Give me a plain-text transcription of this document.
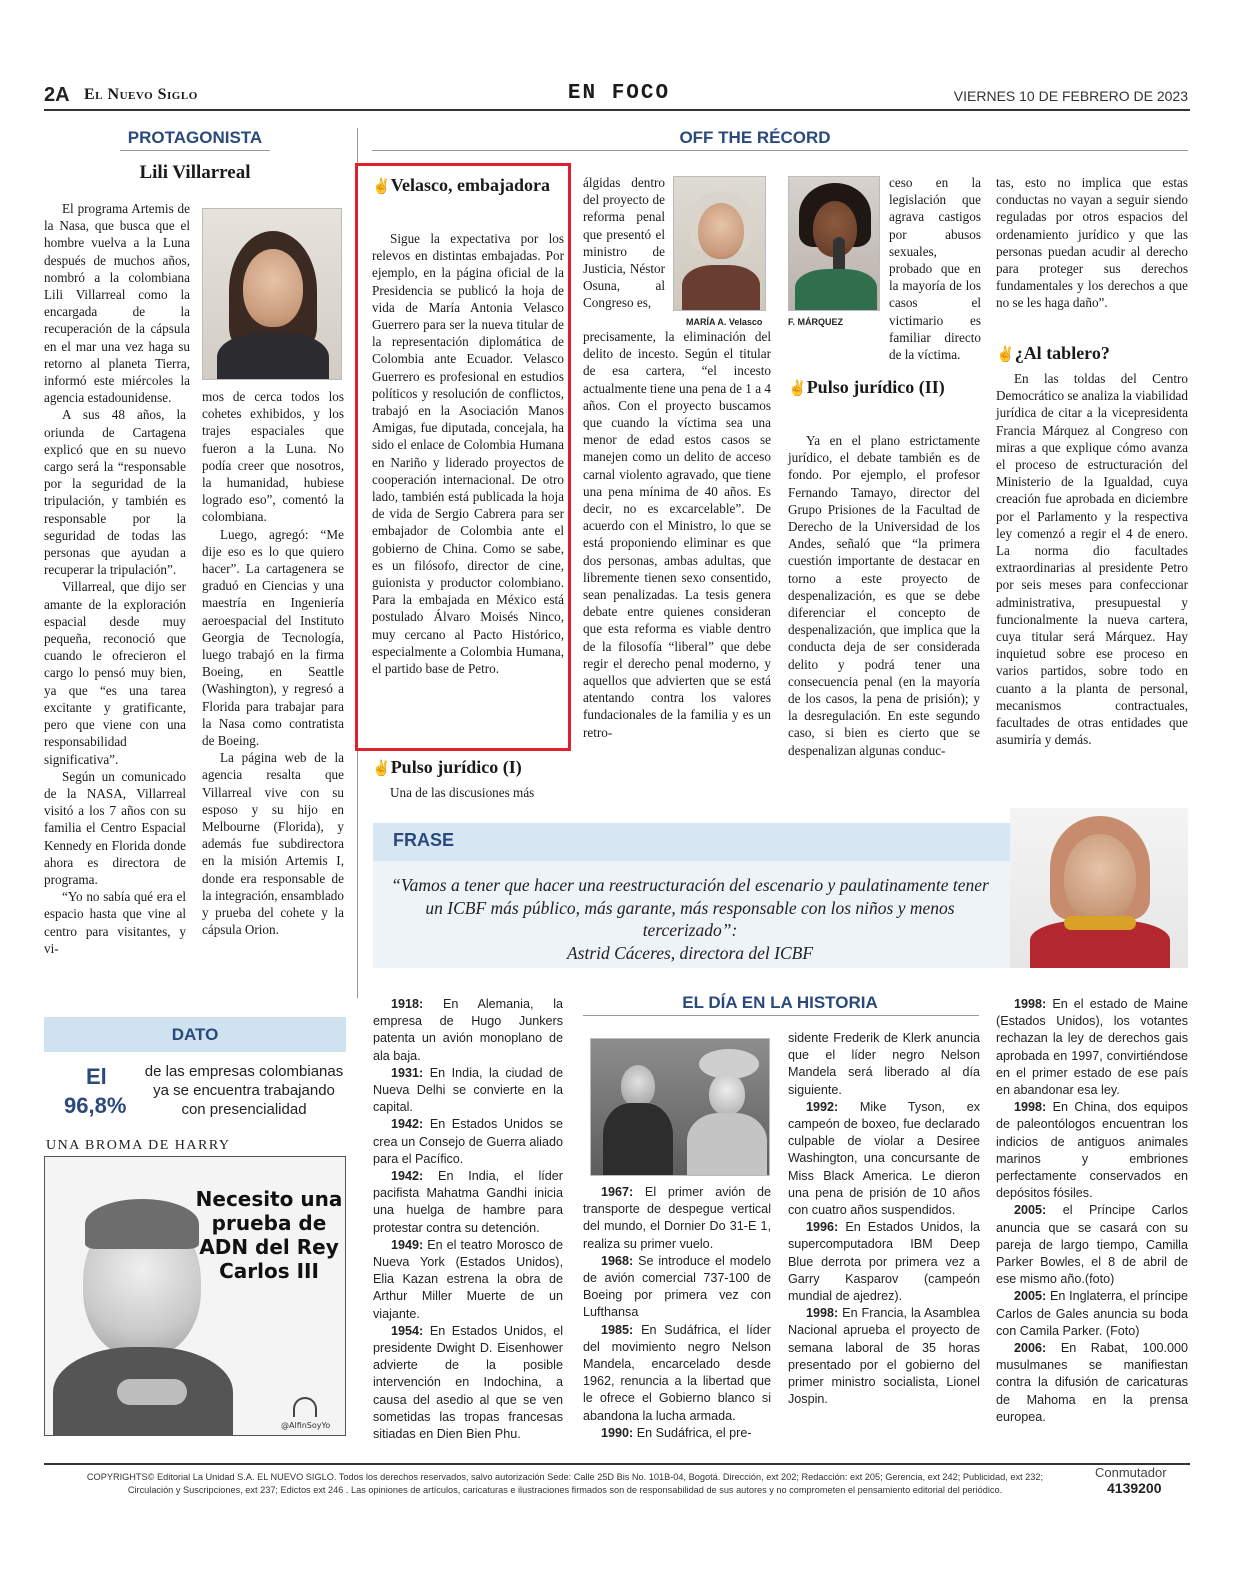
2A El Nuevo Siglo	EN FOCO	VIERNES 10 DE FEBRERO DE 2023
PROTAGONISTA
Lili Villarreal

El programa Artemis de la Nasa, que busca que el hombre vuelva a la Luna después de muchos años, nombró a la colombiana Lili Villarreal como la encargada de la recuperación de la cápsula en el mar una vez haga su retorno al planeta Tierra, informó este miércoles la agencia estadounidense.

A sus 48 años, la oriunda de Cartagena explicó que en su nuevo cargo será la “responsable por la seguridad de la tripulación, y también es responsable por la seguridad de todas las personas que ayudan a recuperar la tripulación”.

Villarreal, que dijo ser amante de la exploración espacial desde muy pequeña, reconoció que cuando le ofrecieron el cargo lo pensó muy bien, ya que “es una tarea excitante y gratificante, pero que viene con una responsabilidad significativa”.

Según un comunicado de la NASA, Villarreal visitó a los 7 años con su familia el Centro Espacial Kennedy en Florida donde ahora es directora de programa.

“Yo no sabía qué era el espacio hasta que vine al centro para visitantes, y vi-

mos de cerca todos los cohetes exhibidos, y los trajes espaciales que fueron a la Luna. No podía creer que nosotros, la humanidad, hubiese logrado eso”, comentó la colombiana.

Luego, agregó: “Me dije eso es lo que quiero hacer”. La cartagenera se graduó en Ciencias y una maestría en Ingeniería aeroespacial del Instituto Georgia de Tecnología, luego trabajó en la firma Boeing, en Seattle (Washington), y regresó a Florida para trabajar para la Nasa como contratista de Boeing.

La página web de la agencia resalta que Villarreal vive con su esposo y su hijo en Melbourne (Florida), y además fue subdirectora en la misión Artemis I, donde era responsable de la integración, ensamblado y prueba del cohete y la cápsula Orion.

DATO
El
96,8%
de las empresas colombianas ya se encuentra trabajando con presencialidad
UNA BROMA DE HARRY
Necesito una prueba de ADN del Rey Carlos III
@AlfinSoyYo
OFF THE RÉCORD
✌Velasco, embajadora

Sigue la expectativa por los relevos en distintas embajadas. Por ejemplo, en la página oficial de la Presidencia se publicó la hoja de vida de María Antonia Velasco Guerrero para ser la nueva titular de la representación diplomática de Colombia ante Ecuador. Velasco Guerrero es profesional en estudios políticos y resolución de conflictos, trabajó en la Asociación Manos Amigas, fue diputada, concejala, ha sido el enlace de Colombia Humana en Nariño y liderado proyectos de cooperación internacional. De otro lado, también está publicada la hoja de vida de Sergio Cabrera para ser embajador de Colombia ante el gobierno de China. Como se sabe, es un filósofo, director de cine, guionista y productor colombiano. Para la embajada en México está postulado Álvaro Moisés Ninco, muy cercano al Pacto Histórico, especialmente a Colombia Humana, el partido base de Petro.

✌Pulso jurídico (I)

Una de las discusiones más

álgidas dentro del proyecto de reforma penal que presentó el ministro de Justicia, Néstor Osuna, al Congreso es,

MARÍA A. Velasco

precisamente, la eliminación del delito de incesto. Según el titular de esa cartera, “el incesto actualmente tiene una pena de 1 a 4 años. Con el proyecto buscamos que cuando la víctima sea una menor de edad estos casos se manejen como un delito de acceso carnal violento agravado, que tiene una pena mínima de 40 años. Es decir, no es excarcelable”. De acuerdo con el Ministro, lo que se está proponiendo eliminar es que dos personas, ambas adultas, que libremente tienen sexo consentido, sean penalizadas. La tesis genera debate entre quienes consideran que esta reforma es viable dentro de la filosofía “liberal” que debe regir el derecho penal moderno, y aquellos que advierten que se está atentando contra los valores fundacionales de la familia y es un retro-

F. MÁRQUEZ

ceso en la legislación que agrava castigos por abusos sexuales, probado que en la mayoría de los casos el victimario es familiar directo de la víctima.

✌Pulso jurídico (II)

Ya en el plano estrictamente jurídico, el debate también es de fondo. Por ejemplo, el profesor Fernando Tamayo, director del Grupo Prisiones de la Facultad de Derecho de la Universidad de los Andes, señaló que “la primera cuestión importante de destacar en torno a este proyecto de despenalización, es que se debe diferenciar el concepto de despenalización, que implica que la conducta deja de ser considerada delito y podrá tener una consecuencia penal (en la mayoría de los casos, la pena de prisión); y la desregulación. En este segundo caso, si bien es cierto que se despenalizan algunas conduc-

tas, esto no implica que estas conductas no vayan a seguir siendo reguladas por otros espacios del ordenamiento jurídico y que las personas puedan acudir al derecho para proteger sus derechos fundamentales y los derechos a que no se les haga daño”.

✌¿Al tablero?

En las toldas del Centro Democrático se analiza la viabilidad jurídica de citar a la vicepresidenta Francia Márquez al Congreso con miras a que explique cómo avanza el proceso de estructuración del Ministerio de la Igualdad, cuya creación fue aprobada en diciembre por el Parlamento y la respectiva ley comenzó a regir el 4 de enero. La norma dio facultades extraordinarias al presidente Petro por seis meses para confeccionar administrativa, presupuestal y funcionalmente la nueva cartera, cuya titular será Márquez. Hay inquietud sobre ese proceso en varios partidos, sobre todo en cuanto a la planta de personal, mecanismos contractuales, facultades de otras entidades que asumiría y demás.

FRASE
“Vamos a tener que hacer una reestructuración del escenario y paulatinamente tener un ICBF más público, más garante, más responsable con los niños y menos tercerizado”:
Astrid Cáceres, directora del ICBF
EL DÍA EN LA HISTORIA

1918: En Alemania, la empresa de Hugo Junkers patenta un avión monoplano de ala baja.

1931: En India, la ciudad de Nueva Delhi se convierte en la capital.

1942: En Estados Unidos se crea un Consejo de Guerra aliado para el Pacífico.

1942: En India, el líder pacifista Mahatma Gandhi inicia una huelga de hambre para protestar contra su detención.

1949: En el teatro Morosco de Nueva York (Estados Unidos), Elia Kazan estrena la obra de Arthur Miller Muerte de un viajante.

1954: En Estados Unidos, el presidente Dwight D. Eisenhower advierte de la posible intervención en Indochina, a causa del asedio al que se ven sometidas las tropas francesas sitiadas en Dien Bien Phu.

1967: El primer avión de transporte de despegue vertical del mundo, el Dornier Do 31-E 1, realiza su primer vuelo.

1968: Se introduce el modelo de avión comercial 737-100 de Boeing por primera vez con Lufthansa

1985: En Sudáfrica, el líder del movimiento negro Nelson Mandela, encarcelado desde 1962, renuncia a la libertad que le ofrece el Gobierno blanco si abandona la lucha armada.

1990: En Sudáfrica, el pre-

sidente Frederik de Klerk anuncia que el líder negro Nelson Mandela será liberado al día siguiente.

1992: Mike Tyson, ex campeón de boxeo, fue declarado culpable de violar a Desiree Washington, una concursante de Miss Black America. Le dieron una pena de prisión de 10 años con cuatro años suspendidos.

1996: En Estados Unidos, la supercomputadora IBM Deep Blue derrota por primera vez a Garry Kasparov (campeón mundial de ajedrez).

1998: En Francia, la Asamblea Nacional aprueba el proyecto de semana laboral de 35 horas presentado por el gobierno del primer ministro socialista, Lionel Jospin.

1998: En el estado de Maine (Estados Unidos), los votantes rechazan la ley de derechos gais aprobada en 1997, convirtiéndose en el primer estado de ese país en abandonar esa ley.

1998: En China, dos equipos de paleontólogos encuentran los indicios de antiguos animales marinos y embriones perfectamente conservados en depósitos fósiles.

2005: el Príncipe Carlos anuncia que se casará con su pareja de largo tiempo, Camilla Parker Bowles, el 8 de abril de ese mismo año.(foto)

2005: En Inglaterra, el príncipe Carlos de Gales anuncia su boda con Camila Parker. (Foto)

2006: En Rabat, 100.000 musulmanes se manifiestan contra la difusión de caricaturas de Mahoma en la prensa europea.

COPYRIGHTS© Editorial La Unidad S.A. EL NUEVO SIGLO. Todos los derechos reservados, salvo autorización Sede: Calle 25D Bis No. 101B-04, Bogotá. Dirección, ext 202; Redacción: ext 205; Gerencia, ext 242; Publicidad, ext 232;
Circulación y Suscripciones, ext 237; Edictos ext 246 . Las opiniones de artículos, caricaturas e ilustraciones firmados son de responsabilidad de sus autores y no comprometen el pensamiento editorial del periódico.
Conmutador
4139200
